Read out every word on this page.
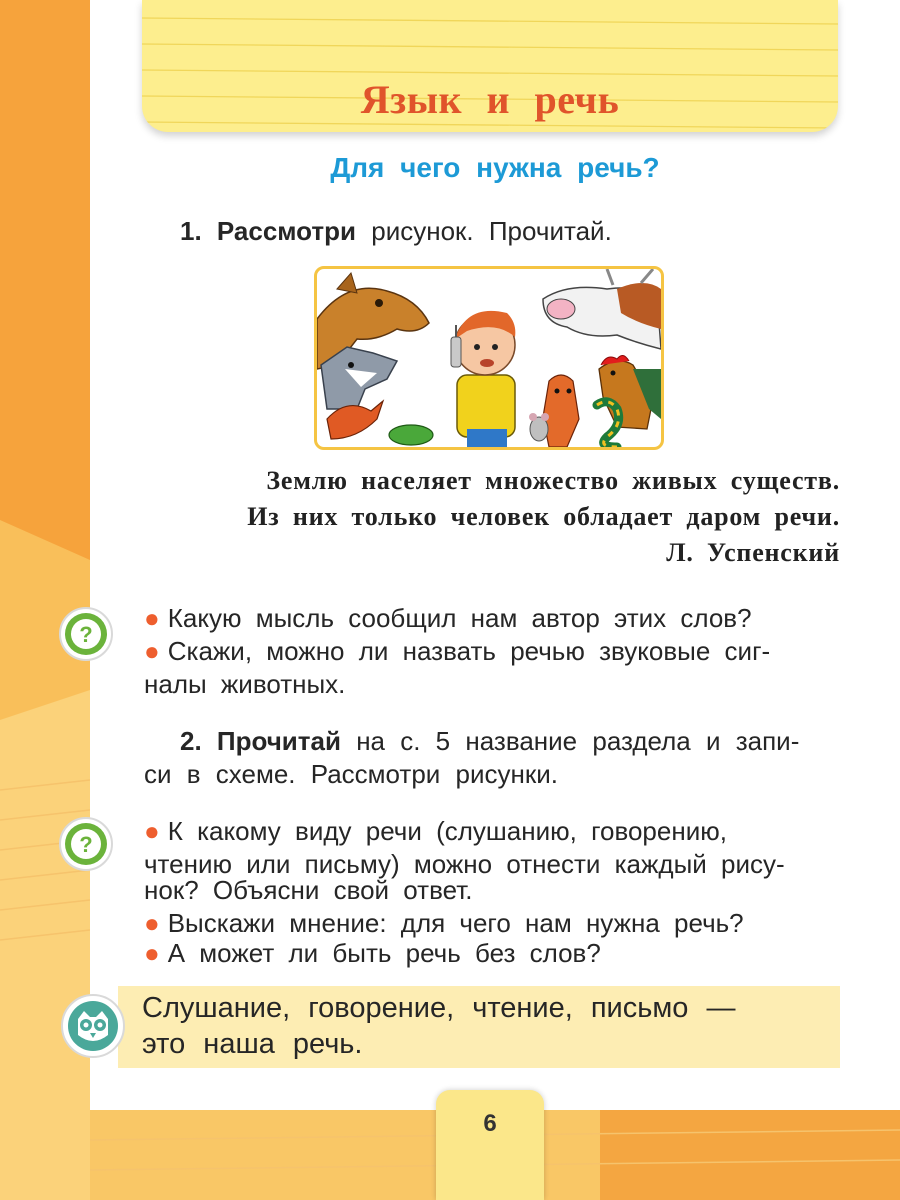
Язык и речь
Для чего нужна речь?
1. Рассмотри рисунок. Прочитай.
Землю населяет множество живых существ.
Из них только человек обладает даром речи.
Л. Успенский
?
● Какую мысль сообщил нам автор этих слов?
● Скажи, можно ли назвать речью звуковые сиг-
налы животных.
2. Прочитай на с. 5 название раздела и запи-
си в схеме. Рассмотри рисунки.
? ● К какому виду речи (слушанию, говорению,
чтению или письму) можно отнести каждый рису-
нок? Объясни свой ответ.
● Выскажи мнение: для чего нам нужна речь?
● А может ли быть речь без слов?
Слушание, говорение, чтение, письмо —
это наша речь.
6
